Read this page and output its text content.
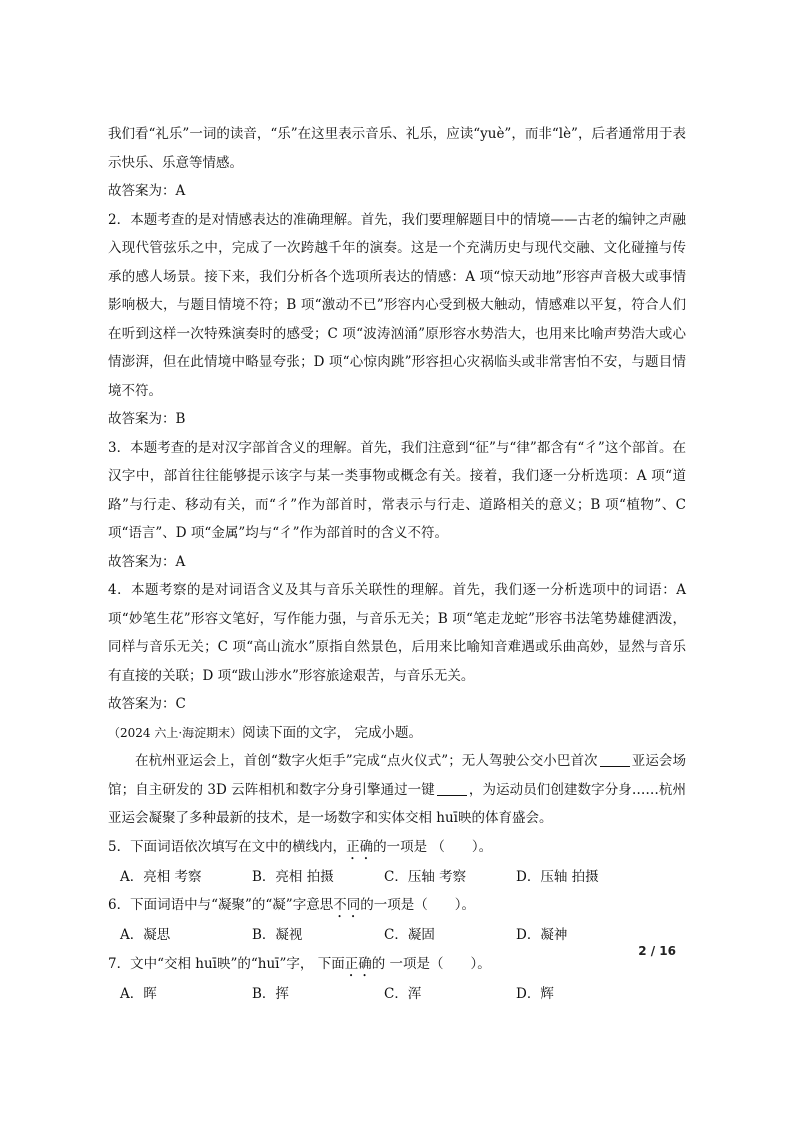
我们看“礼乐”一词的读音，“乐”在这里表示音乐、礼乐，应读“yuè”，而非“lè”，后者通常用于表示快乐、乐意等情感。

故答案为：A

2．本题考查的是对情感表达的准确理解。首先，我们要理解题目中的情境——古老的编钟之声融入现代管弦乐之中，完成了一次跨越千年的演奏。这是一个充满历史与现代交融、文化碰撞与传承的感人场景。接下来，我们分析各个选项所表达的情感：A 项“惊天动地”形容声音极大或事情影响极大，与题目情境不符；B 项“激动不已”形容内心受到极大触动，情感难以平复，符合人们在听到这样一次特殊演奏时的感受；C 项“波涛汹涌”原形容水势浩大，也用来比喻声势浩大或心情澎湃，但在此情境中略显夸张；D 项“心惊肉跳”形容担心灾祸临头或非常害怕不安，与题目情境不符。

故答案为：B

3．本题考查的是对汉字部首含义的理解。首先，我们注意到“征”与“律”都含有“彳”这个部首。在汉字中，部首往往能够提示该字与某一类事物或概念有关。接着，我们逐一分析选项：A 项“道路”与行走、移动有关，而“彳”作为部首时，常表示与行走、道路相关的意义；B 项“植物”、C 项“语言”、D 项“金属”均与“彳”作为部首时的含义不符。

故答案为：A

4．本题考察的是对词语含义及其与音乐关联性的理解。首先，我们逐一分析选项中的词语：A 项“妙笔生花”形容文笔好，写作能力强，与音乐无关；B 项“笔走龙蛇”形容书法笔势雄健洒泼，同样与音乐无关；C 项“高山流水”原指自然景色，后用来比喻知音难遇或乐曲高妙，显然与音乐有直接的关联；D 项“跋山涉水”形容旅途艰苦，与音乐无关。

故答案为：C

（2024 六上·海淀期末）阅读下面的文字， 完成小题。

在杭州亚运会上，首创“数字火炬手”完成“点火仪式”；无人驾驶公交小巴首次	亚运会场馆；自主研发的 3D 云阵相机和数字分身引擎通过一键	，为运动员们创建数字分身……杭州亚运会凝聚了多种最新的技术，是一场数字和实体交相 huī映的体育盛会。

5．下面词语依次填写在文中的横线内，正确的一项是 （　　）。

A．亮相 考察	B．亮相 拍摄	C．压轴 考察	D．压轴 拍摄

6．下面词语中与“凝聚”的“凝”字意思不同的一项是（　　）。

A．凝思	B．凝视	C．凝固	D．凝神

7．文中“交相 huī映”的“huī”字， 下面正确的 一项是（　　）。

A．晖	B．挥	C．浑	D．辉
2 / 16
